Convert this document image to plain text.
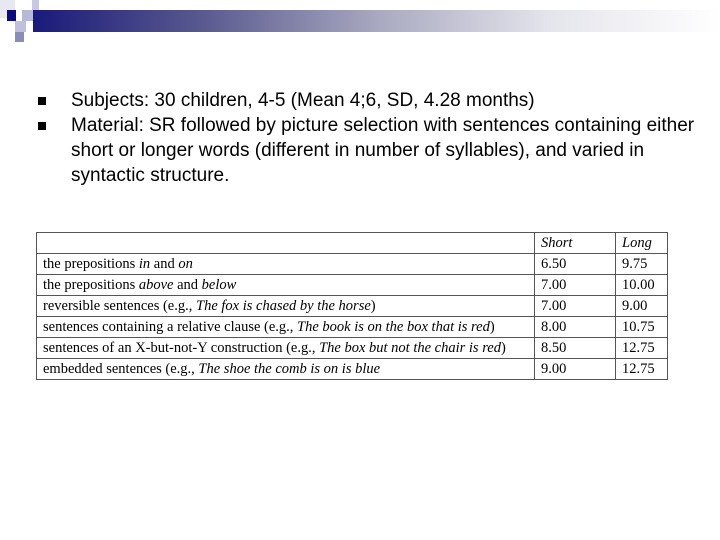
Subjects: 30 children, 4-5 (Mean 4;6, SD, 4.28 months)

Material: SR followed by picture selection with sentences containing either short or longer words (different in number of syllables), and varied in syntactic structure.

	Short	Long
the prepositions in and on	6.50	9.75
the prepositions above and below	7.00	10.00
reversible sentences (e.g., The fox is chased by the horse)	7.00	9.00
sentences containing a relative clause (e.g., The book is on the box that is red)	8.00	10.75
sentences of an X-but-not-Y construction (e.g., The box but not the chair is red)	8.50	12.75
embedded sentences (e.g., The shoe the comb is on is blue	9.00	12.75
